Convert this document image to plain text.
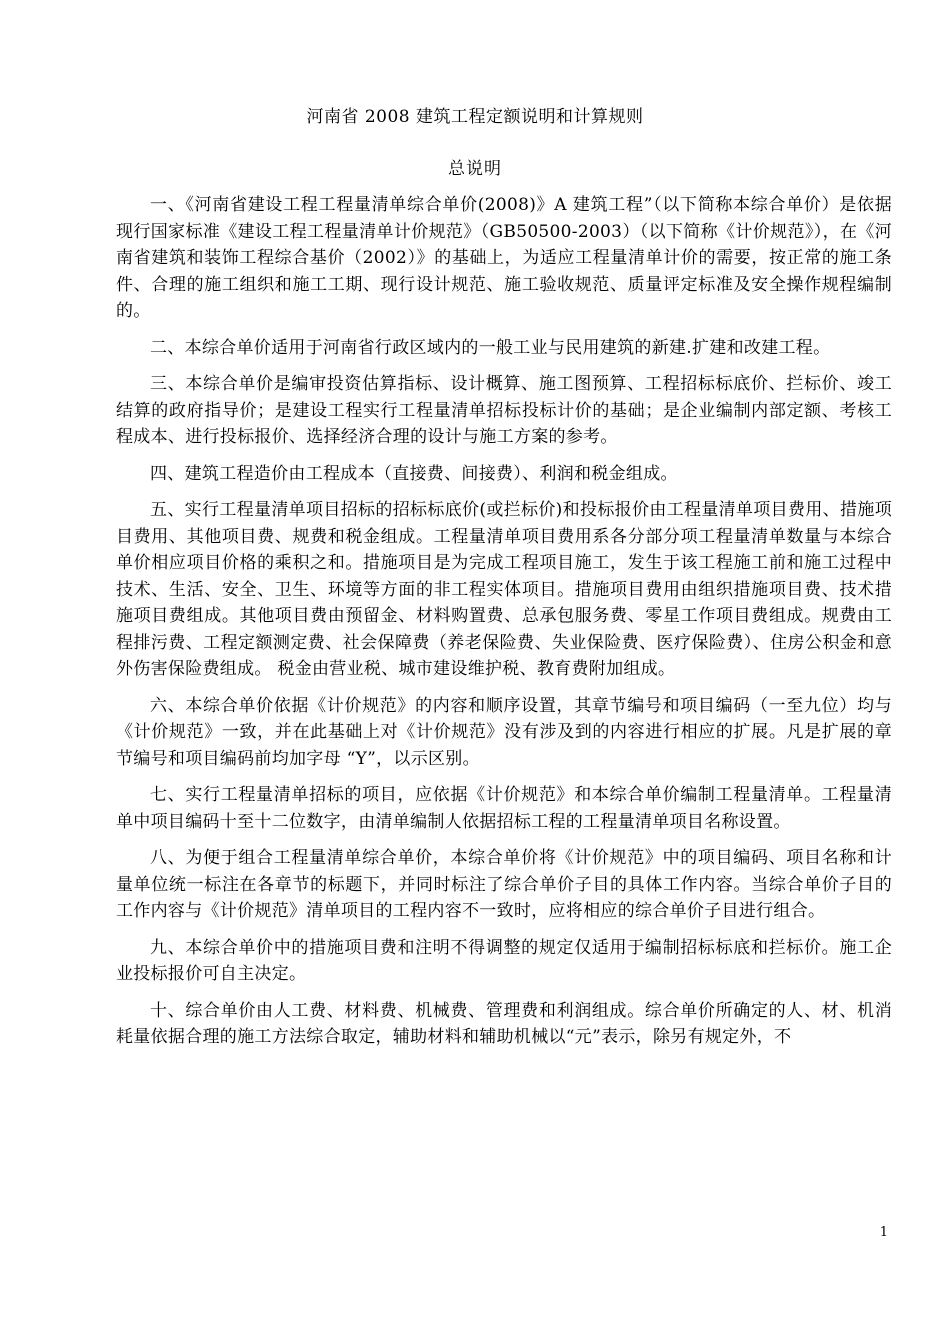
河南省 2008 建筑工程定额说明和计算规则
总说明

一、《河南省建设工程工程量清单综合单价(2008)》A 建筑工程”（以下简称本综合单价）是依据现行国家标准《建设工程工程量清单计价规范》（GB50500-2003）（以下简称《计价规范》），在《河南省建筑和装饰工程综合基价（2002）》的基础上，为适应工程量清单计价的需要，按正常的施工条件、合理的施工组织和施工工期、现行设计规范、施工验收规范、质量评定标准及安全操作规程编制的。

二、本综合单价适用于河南省行政区域内的一般工业与民用建筑的新建.扩建和改建工程。

三、本综合单价是编审投资估算指标、设计概算、施工图预算、工程招标标底价、拦标价、竣工结算的政府指导价；是建设工程实行工程量清单招标投标计价的基础；是企业编制内部定额、考核工程成本、进行投标报价、选择经济合理的设计与施工方案的参考。

四、建筑工程造价由工程成本（直接费、间接费）、利润和税金组成。

五、实行工程量清单项目招标的招标标底价(或拦标价)和投标报价由工程量清单项目费用、措施项目费用、其他项目费、规费和税金组成。工程量清单项目费用系各分部分项工程量清单数量与本综合单价相应项目价格的乘积之和。措施项目是为完成工程项目施工，发生于该工程施工前和施工过程中技术、生活、安全、卫生、环境等方面的非工程实体项目。措施项目费用由组织措施项目费、技术措施项目费组成。其他项目费由预留金、材料购置费、总承包服务费、零星工作项目费组成。规费由工程排污费、工程定额测定费、社会保障费（养老保险费、失业保险费、医疗保险费）、住房公积金和意外伤害保险费组成。 税金由营业税、城市建设维护税、教育费附加组成。

六、本综合单价依据《计价规范》的内容和顺序设置，其章节编号和项目编码（一至九位）均与《计价规范》一致，并在此基础上对《计价规范》没有涉及到的内容进行相应的扩展。凡是扩展的章节编号和项目编码前均加字母 “Y”，以示区别。

七、实行工程量清单招标的项目，应依据《计价规范》和本综合单价编制工程量清单。工程量清单中项目编码十至十二位数字，由清单编制人依据招标工程的工程量清单项目名称设置。

八、为便于组合工程量清单综合单价，本综合单价将《计价规范》中的项目编码、项目名称和计量单位统一标注在各章节的标题下，并同时标注了综合单价子目的具体工作内容。当综合单价子目的工作内容与《计价规范》清单项目的工程内容不一致时，应将相应的综合单价子目进行组合。

九、本综合单价中的措施项目费和注明不得调整的规定仅适用于编制招标标底和拦标价。施工企业投标报价可自主决定。

十、综合单价由人工费、材料费、机械费、管理费和利润组成。综合单价所确定的人、材、机消耗量依据合理的施工方法综合取定，辅助材料和辅助机械以“元”表示，除另有规定外，不

1
